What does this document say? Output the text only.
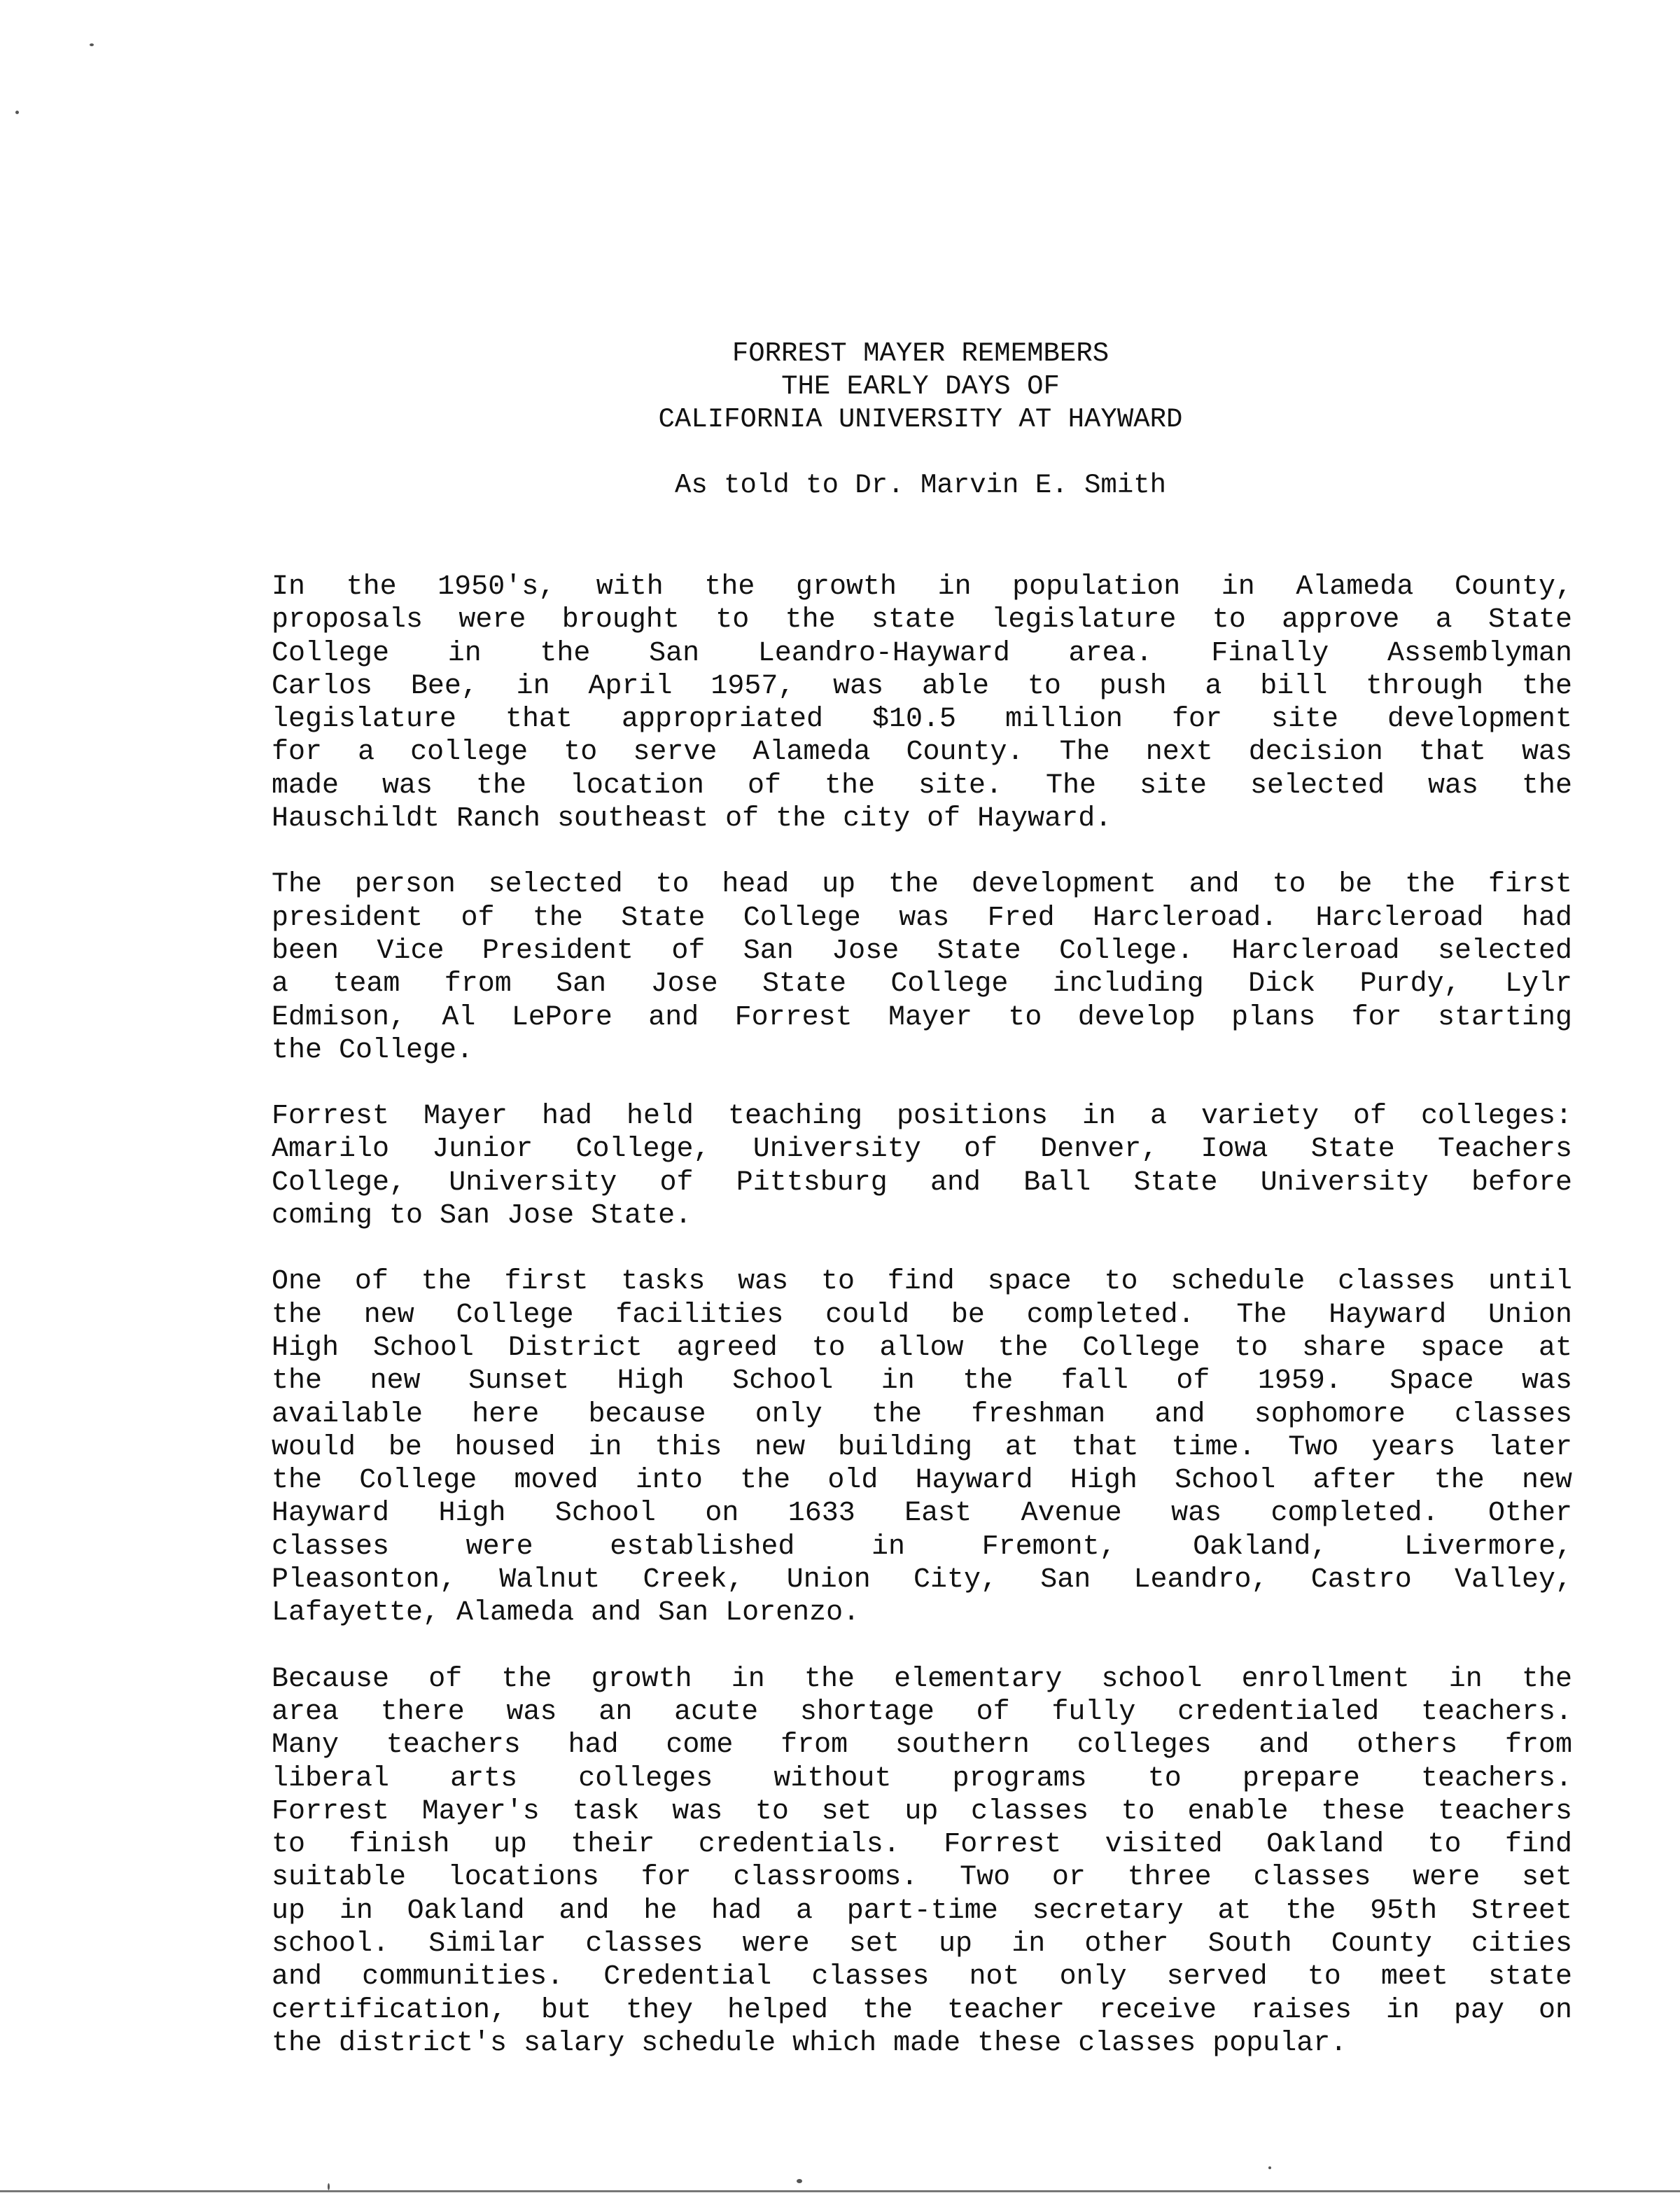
FORREST MAYER REMEMBERS
THE EARLY DAYS OF
CALIFORNIA UNIVERSITY AT HAYWARD
As told to Dr. Marvin E. Smith
In the 1950's, with the growth in population in Alameda County,
proposals were brought to the state legislature to approve a State
College in the San Leandro-Hayward area. Finally Assemblyman
Carlos Bee, in April 1957, was able to push a bill through the
legislature that appropriated $10.5 million for site development
for a college to serve Alameda County. The next decision that was
made was the location of the site. The site selected was the
Hauschildt Ranch southeast of the city of Hayward.
The person selected to head up the development and to be the first
president of the State College was Fred Harcleroad. Harcleroad had
been Vice President of San Jose State College. Harcleroad selected
a team from San Jose State College including Dick Purdy, Lylr
Edmison, Al LePore and Forrest Mayer to develop plans for starting
the College.
Forrest Mayer had held teaching positions in a variety of colleges:
Amarilo Junior College, University of Denver, Iowa State Teachers
College, University of Pittsburg and Ball State University before
coming to San Jose State.
One of the first tasks was to find space to schedule classes until
the new College facilities could be completed. The Hayward Union
High School District agreed to allow the College to share space at
the new Sunset High School in the fall of 1959. Space was
available here because only the freshman and sophomore classes
would be housed in this new building at that time. Two years later
the College moved into the old Hayward High School after the new
Hayward High School on 1633 East Avenue was completed. Other
classes were established in Fremont, Oakland, Livermore,
Pleasonton, Walnut Creek, Union City, San Leandro, Castro Valley,
Lafayette, Alameda and San Lorenzo.
Because of the growth in the elementary school enrollment in the
area there was an acute shortage of fully credentialed teachers.
Many teachers had come from southern colleges and others from
liberal arts colleges without programs to prepare teachers.
Forrest Mayer's task was to set up classes to enable these teachers
to finish up their credentials. Forrest visited Oakland to find
suitable locations for classrooms. Two or three classes were set
up in Oakland and he had a part-time secretary at the 95th Street
school. Similar classes were set up in other South County cities
and communities. Credential classes not only served to meet state
certification, but they helped the teacher receive raises in pay on
the district's salary schedule which made these classes popular.
